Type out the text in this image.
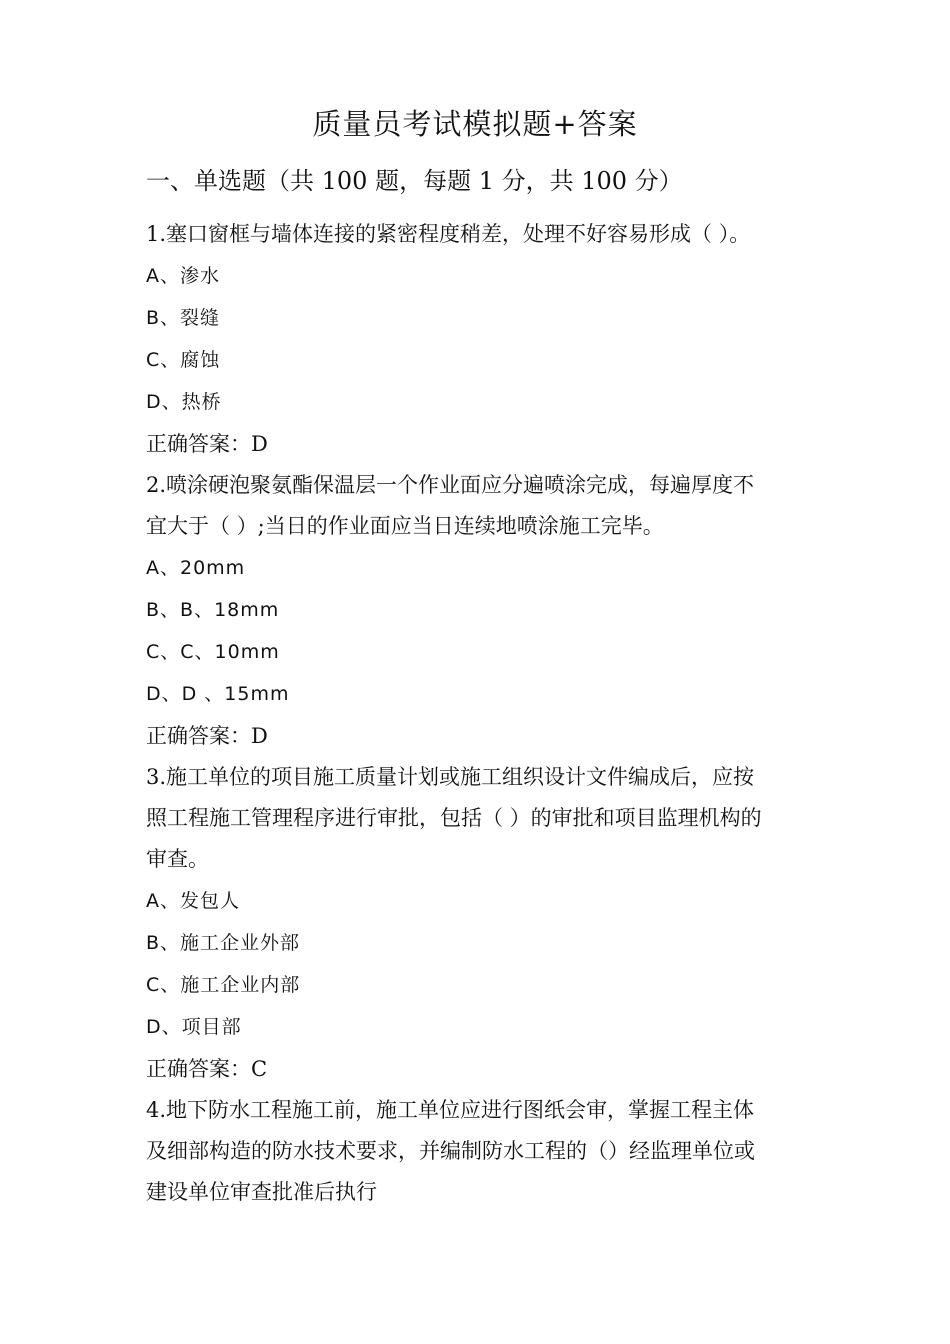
质量员考试模拟题+答案
一、单选题（共 100 题，每题 1 分，共 100 分）
1.塞口窗框与墙体连接的紧密程度稍差，处理不好容易形成（ ）。
A、渗水
B、裂缝
C、腐蚀
D、热桥
正确答案：D
2.喷涂硬泡聚氨酯保温层一个作业面应分遍喷涂完成，每遍厚度不
宜大于（ ）;当日的作业面应当日连续地喷涂施工完毕。
A、20mm
B、B、18mm
C、C、10mm
D、D 、15mm
正确答案：D
3.施工单位的项目施工质量计划或施工组织设计文件编成后，应按
照工程施工管理程序进行审批，包括（ ）的审批和项目监理机构的
审查。
A、发包人
B、施工企业外部
C、施工企业内部
D、项目部
正确答案：C
4.地下防水工程施工前，施工单位应进行图纸会审，掌握工程主体
及细部构造的防水技术要求，并编制防水工程的（）经监理单位或
建设单位审查批准后执行
